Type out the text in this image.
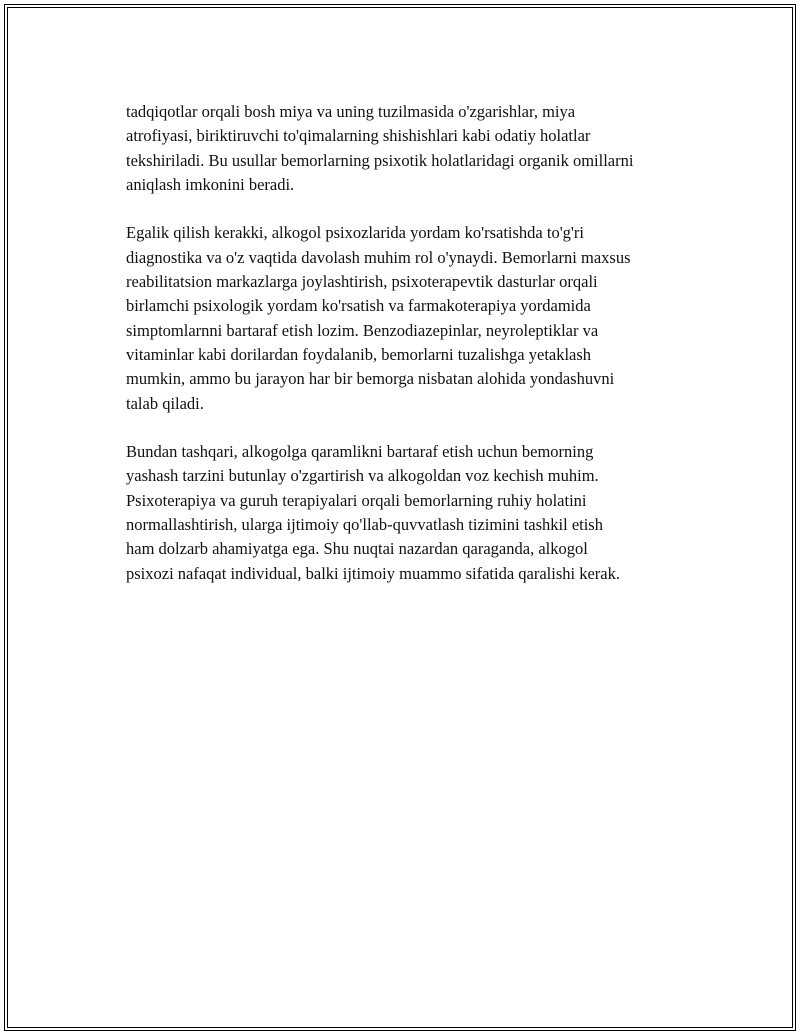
tadqiqotlar orqali bosh miya va uning tuzilmasida o'zgarishlar, miya
atrofiyasi, biriktiruvchi to'qimalarning shishishlari kabi odatiy holatlar
tekshiriladi. Bu usullar bemorlarning psixotik holatlaridagi organik omillarni
aniqlash imkonini beradi.

Egalik qilish kerakki, alkogol psixozlarida yordam ko'rsatishda to'g'ri
diagnostika va o'z vaqtida davolash muhim rol o'ynaydi. Bemorlarni maxsus
reabilitatsion markazlarga joylashtirish, psixoterapevtik dasturlar orqali
birlamchi psixologik yordam ko'rsatish va farmakoterapiya yordamida
simptomlarnni bartaraf etish lozim. Benzodiazepinlar, neyroleptiklar va
vitaminlar kabi dorilardan foydalanib, bemorlarni tuzalishga yetaklash
mumkin, ammo bu jarayon har bir bemorga nisbatan alohida yondashuvni
talab qiladi.

Bundan tashqari, alkogolga qaramlikni bartaraf etish uchun bemorning
yashash tarzini butunlay o'zgartirish va alkogoldan voz kechish muhim.
Psixoterapiya va guruh terapiyalari orqali bemorlarning ruhiy holatini
normallashtirish, ularga ijtimoiy qo'llab-quvvatlash tizimini tashkil etish
ham dolzarb ahamiyatga ega. Shu nuqtai nazardan qaraganda, alkogol
psixozi nafaqat individual, balki ijtimoiy muammo sifatida qaralishi kerak.
